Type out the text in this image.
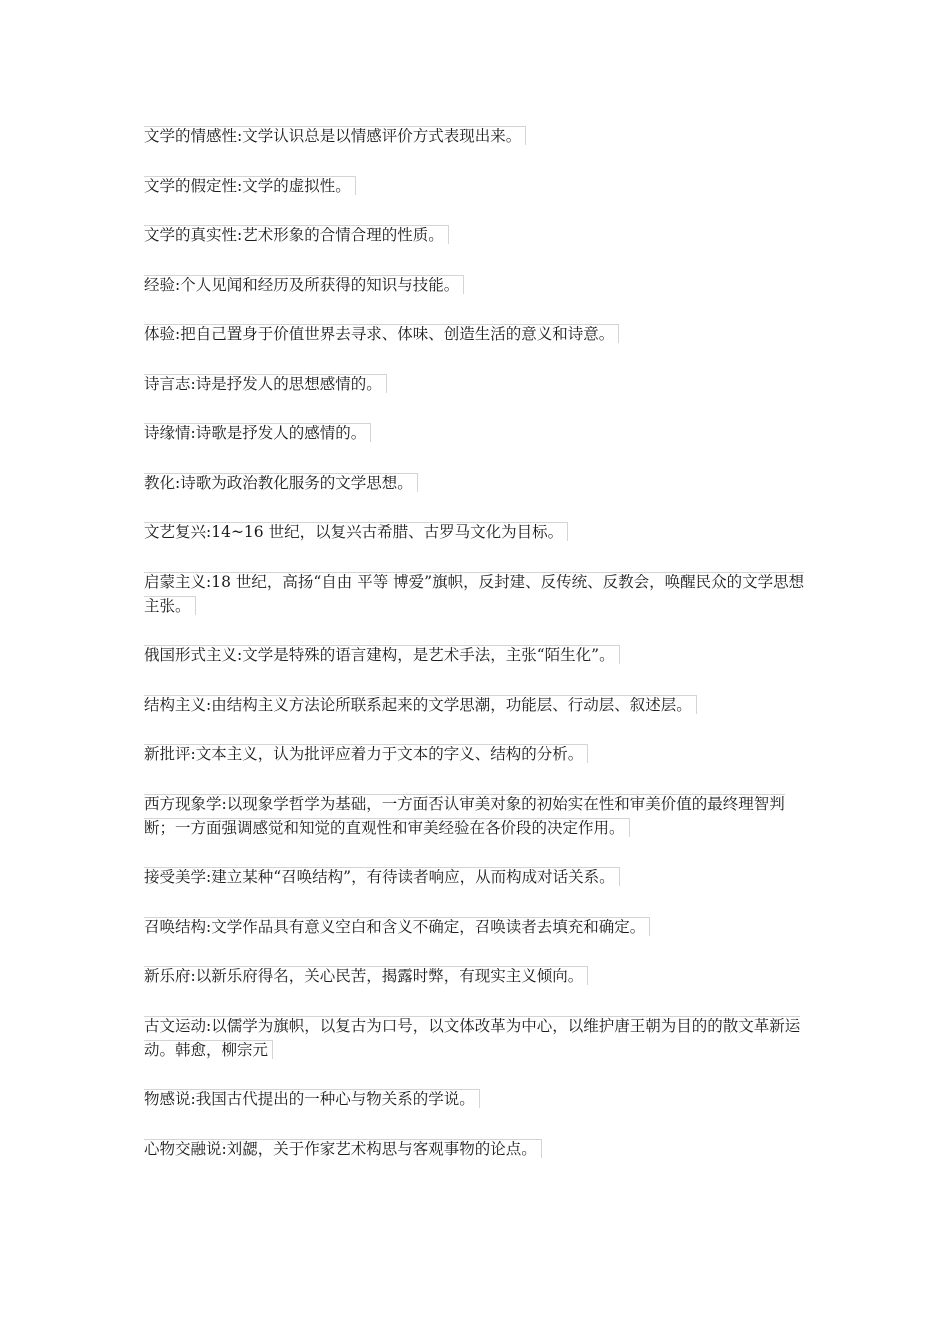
文学的情感性:文学认识总是以情感评价方式表现出来。
文学的假定性:文学的虚拟性。
文学的真实性:艺术形象的合情合理的性质。
经验:个人见闻和经历及所获得的知识与技能。
体验:把自己置身于价值世界去寻求、体味、创造生活的意义和诗意。
诗言志:诗是抒发人的思想感情的。
诗缘情:诗歌是抒发人的感情的。
教化:诗歌为政治教化服务的文学思想。
文艺复兴:14~16 世纪，以复兴古希腊、古罗马文化为目标。
启蒙主义:18 世纪，高扬“自由 平等 博爱”旗帜，反封建、反传统、反教会，唤醒民众的文学思想主张。
俄国形式主义:文学是特殊的语言建构，是艺术手法，主张“陌生化”。
结构主义:由结构主义方法论所联系起来的文学思潮，功能层、行动层、叙述层。
新批评:文本主义，认为批评应着力于文本的字义、结构的分析。
西方现象学:以现象学哲学为基础，一方面否认审美对象的初始实在性和审美价值的最终理智判断；一方面强调感觉和知觉的直观性和审美经验在各价段的决定作用。
接受美学:建立某种“召唤结构”，有待读者响应，从而构成对话关系。
召唤结构:文学作品具有意义空白和含义不确定，召唤读者去填充和确定。
新乐府:以新乐府得名，关心民苦，揭露时弊，有现实主义倾向。
古文运动:以儒学为旗帜，以复古为口号，以文体改革为中心，以维护唐王朝为目的的散文革新运动。韩愈，柳宗元
物感说:我国古代提出的一种心与物关系的学说。
心物交融说:刘勰，关于作家艺术构思与客观事物的论点。
